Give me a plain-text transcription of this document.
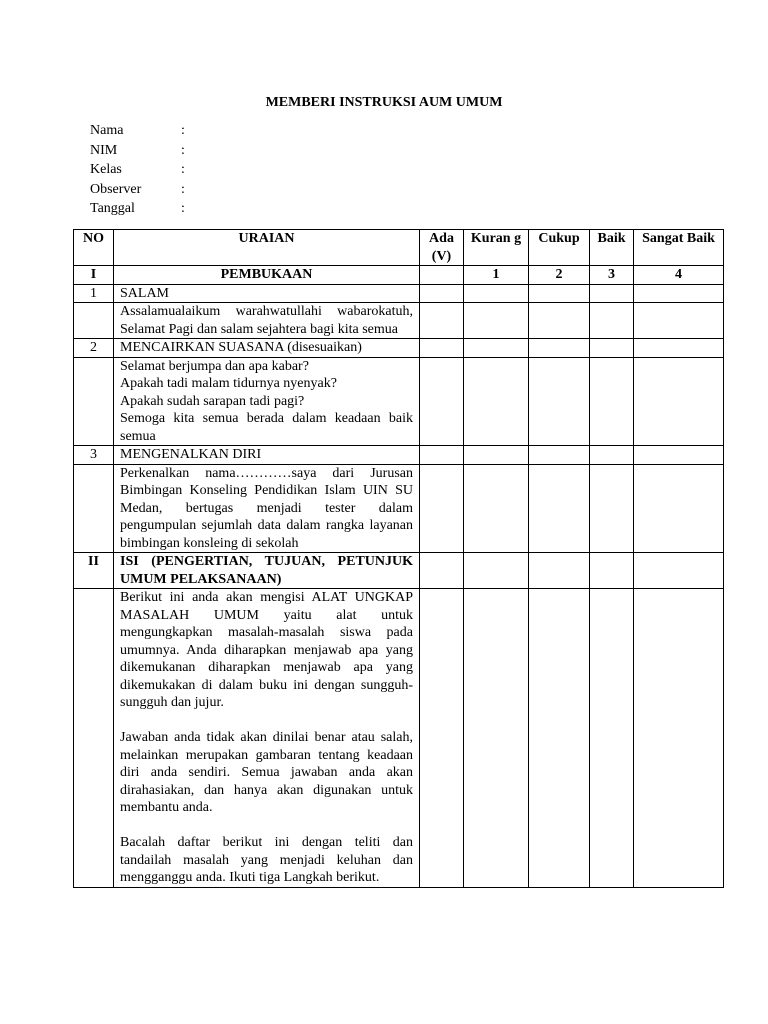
MEMBERI INSTRUKSI AUM UMUM
Nama	:
NIM	:
Kelas	:
Observer	:
Tanggal	:
NO	URAIAN	Ada (V)	Kuran g	Cukup	Baik	Sangat Baik
I	PEMBUKAAN		1	2	3	4
1	SALAM					
	Assalamualaikum warahwatullahi wabarokatuh, Selamat Pagi dan salam sejahtera bagi kita semua					
2	MENCAIRKAN SUASANA (disesuaikan)					

	Selamat berjumpa dan apa kabar?
Apakah tadi malam tidurnya nyenyak?
Apakah sudah sarapan tadi pagi?
Semoga kita semua berada dalam keadaan baik semua					

3	MENGENALKAN DIRI					
	Perkenalkan nama…………saya dari Jurusan Bimbingan Konseling Pendidikan Islam UIN SU Medan, bertugas menjadi tester dalam pengumpulan sejumlah data dalam rangka layanan bimbingan konsleing di sekolah					
II	ISI (PENGERTIAN, TUJUAN, PETUNJUK UMUM PELAKSANAAN)					

	Berikut ini anda akan mengisi ALAT UNGKAP MASALAH UMUM yaitu alat untuk mengungkapkan masalah-masalah siswa pada umumnya. Anda diharapkan menjawab apa yang dikemukanan diharapkan menjawab apa yang dikemukakan di dalam buku ini dengan sungguh-sungguh dan jujur.

Jawaban anda tidak akan dinilai benar atau salah, melainkan merupakan gambaran tentang keadaan diri anda sendiri. Semua jawaban anda akan dirahasiakan, dan hanya akan digunakan untuk membantu anda.

Bacalah daftar berikut ini dengan teliti dan tandailah masalah yang menjadi keluhan dan mengganggu anda. Ikuti tiga Langkah berikut.					
